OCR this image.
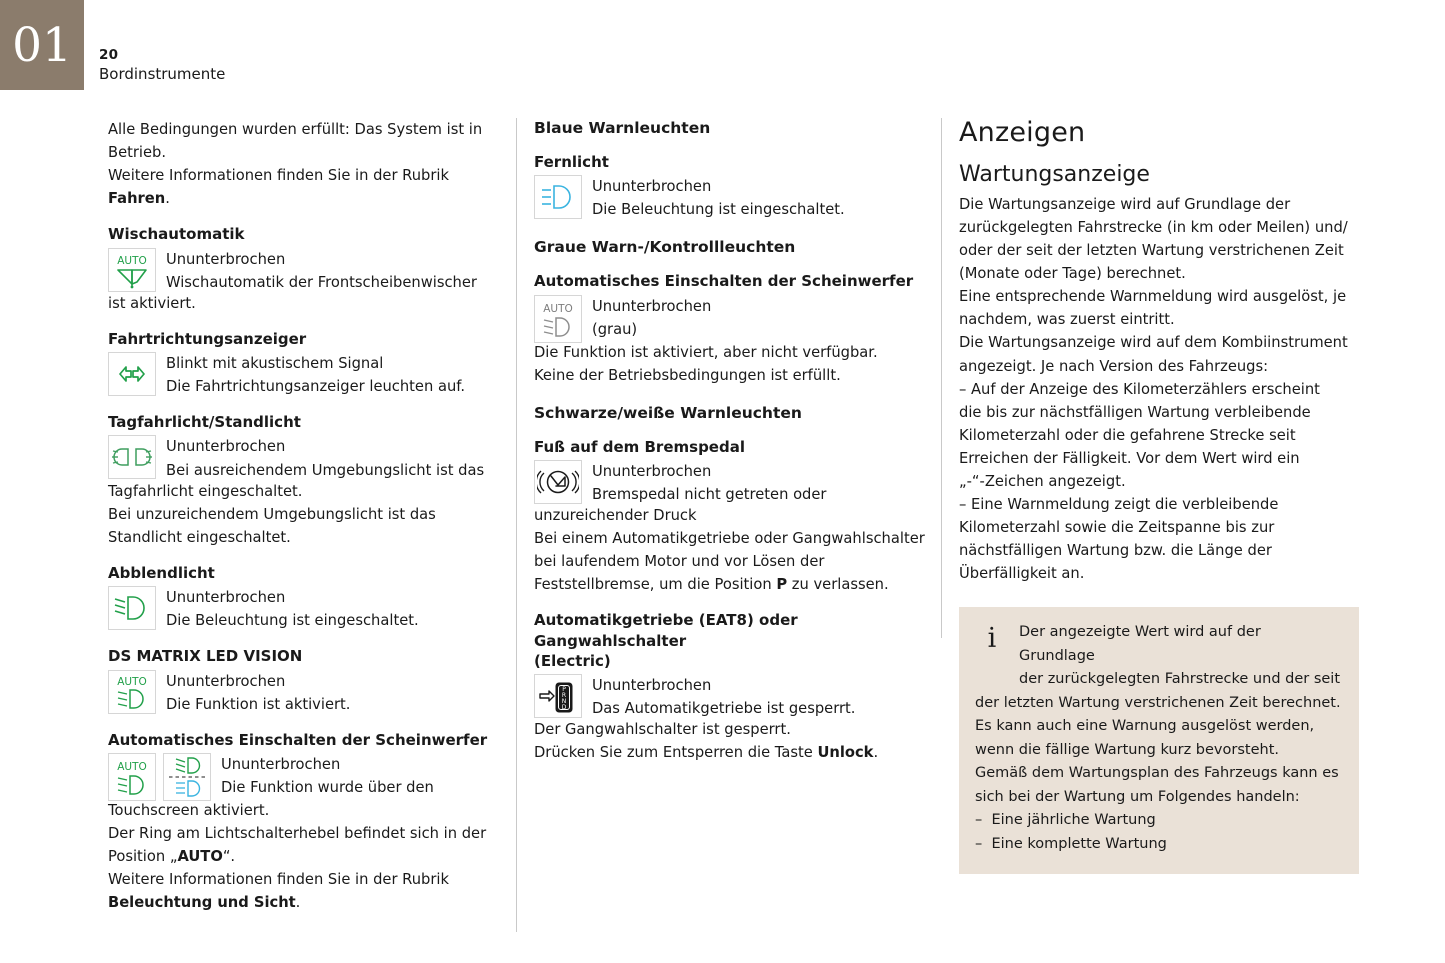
01	20
Bordinstrumente

Alle Bedingungen wurden erfüllt: Das System ist in
Betrieb.
Weitere Informationen finden Sie in der Rubrik
Fahren.

Wischautomatik
AUTO Ununterbrochen
Wischautomatik der Frontscheibenwischer

ist aktiviert.

Fahrtrichtungsanzeiger
Blinkt mit akustischem Signal
Die Fahrtrichtungsanzeiger leuchten auf.
Tagfahrlicht/Standlicht
Ununterbrochen
Bei ausreichendem Umgebungslicht ist das

Tagfahrlicht eingeschaltet.
Bei unzureichendem Umgebungslicht ist das
Standlicht eingeschaltet.

Abblendlicht
Ununterbrochen
Die Beleuchtung ist eingeschaltet.
DS MATRIX LED VISION
AUTO Ununterbrochen
Die Funktion ist aktiviert.
Automatisches Einschalten der Scheinwerfer
AUTO	Ununterbrochen
Die Funktion wurde über den

Touchscreen aktiviert.
Der Ring am Lichtschalterhebel befindet sich in der
Position „AUTO“.
Weitere Informationen finden Sie in der Rubrik
Beleuchtung und Sicht.

Blaue Warnleuchten
Fernlicht
Ununterbrochen
Die Beleuchtung ist eingeschaltet.
Graue Warn-/Kontrollleuchten
Automatisches Einschalten der Scheinwerfer
AUTO Ununterbrochen
(grau)

Die Funktion ist aktiviert, aber nicht verfügbar.
Keine der Betriebsbedingungen ist erfüllt.

Schwarze/weiße Warnleuchten
Fuß auf dem Bremspedal
Ununterbrochen
Bremspedal nicht getreten oder

unzureichender Druck
Bei einem Automatikgetriebe oder Gangwahlschalter
bei laufendem Motor und vor Lösen der
Feststellbremse, um die Position P zu verlassen.

Automatikgetriebe (EAT8) oder Gangwahlschalter
(Electric)
P
R
N
D
Ununterbrochen
Das Automatikgetriebe ist gesperrt.

Der Gangwahlschalter ist gesperrt.
Drücken Sie zum Entsperren die Taste Unlock.

Anzeigen
Wartungsanzeige

Die Wartungsanzeige wird auf Grundlage der
zurückgelegten Fahrstrecke (in km oder Meilen) und/
oder der seit der letzten Wartung verstrichenen Zeit
(Monate oder Tage) berechnet.
Eine entsprechende Warnmeldung wird ausgelöst, je
nachdem, was zuerst eintritt.
Die Wartungsanzeige wird auf dem Kombiinstrument
angezeigt. Je nach Version des Fahrzeugs:
– Auf der Anzeige des Kilometerzählers erscheint
die bis zur nächstfälligen Wartung verbleibende
Kilometerzahl oder die gefahrene Strecke seit
Erreichen der Fälligkeit. Vor dem Wert wird ein
„-“-Zeichen angezeigt.
– Eine Warnmeldung zeigt die verbleibende
Kilometerzahl sowie die Zeitspanne bis zur
nächstfälligen Wartung bzw. die Länge der
Überfälligkeit an.

i	Der angezeigte Wert wird auf der Grundlage
der zurückgelegten Fahrstrecke und der seit
der letzten Wartung verstrichenen Zeit berechnet.
Es kann auch eine Warnung ausgelöst werden,
wenn die fällige Wartung kurz bevorsteht.
Gemäß dem Wartungsplan des Fahrzeugs kann es
sich bei der Wartung um Folgendes handeln:
–  Eine jährliche Wartung
–  Eine komplette Wartung
